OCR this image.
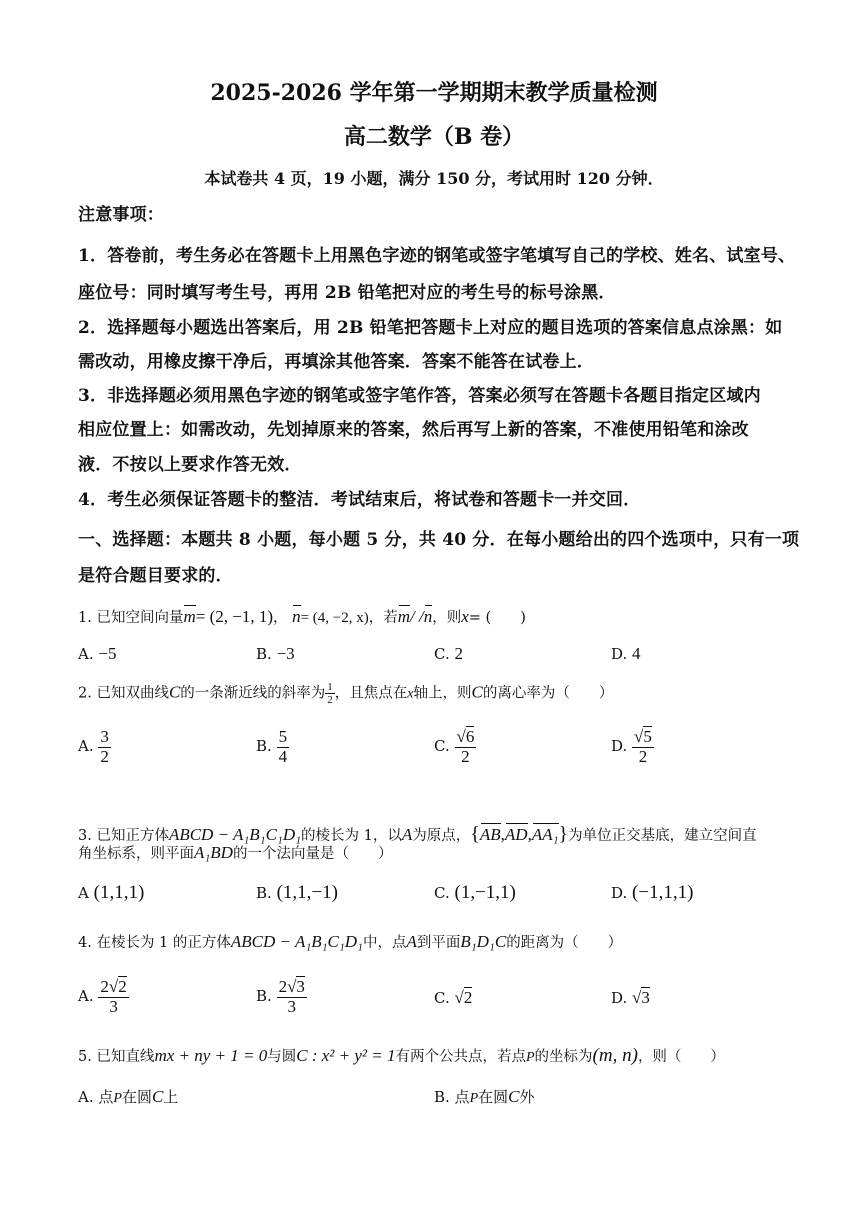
2025-2026 学年第一学期期末教学质量检测
高二数学（B 卷）
本试卷共 4 页，19 小题，满分 150 分，考试用时 120 分钟．
注意事项：
1．答卷前，考生务必在答题卡上用黑色字迹的钢笔或签字笔填写自己的学校、姓名、试室号、
座位号：同时填写考生号，再用 2B 铅笔把对应的考生号的标号涂黑．
2．选择题每小题选出答案后，用 2B 铅笔把答题卡上对应的题目选项的答案信息点涂黑：如
需改动，用橡皮擦干净后，再填涂其他答案．答案不能答在试卷上．
3．非选择题必须用黑色字迹的钢笔或签字笔作答，答案必须写在答题卡各题目指定区域内
相应位置上：如需改动，先划掉原来的答案，然后再写上新的答案，不准使用铅笔和涂改
液．不按以上要求作答无效．
4．考生必须保证答题卡的整洁．考试结束后，将试卷和答题卡一并交回．
一、选择题：本题共 8 小题，每小题 5 分，共 40 分．在每小题给出的四个选项中，只有一项
是符合题目要求的．
1. 已知空间向量m= (2, −1, 1)， n= (4, −2, x)，若m/ /n，则x= (　　)
A. −5	B. −3	C. 2	D. 4
2. 已知双曲线C的一条渐近线的斜率为 $\frac{1}{2}$ ，且焦点在x轴上，则C的离心率为（　　）
A. $\frac{3}{2}$	B. $\frac{5}{4}$	C. $\frac{√6}{2}$	D. $\frac{√5}{2}$
3. 已知正方体ABCD − A₁B₁C₁D₁的棱长为 1，以A为原点，{AB,AD,AA₁}为单位正交基底，建立空间直
角坐标系，则平面A₁BD的一个法向量是（　　）
A (1,1,1)	B. (1,1,−1)	C. (1,−1,1)	D. (−1,1,1)
4. 在棱长为 1 的正方体ABCD − A₁B₁C₁D₁中，点A到平面B₁D₁C的距离为（　　）
A. $\frac{2√2}{3}$	B. $\frac{2√3}{3}$	C. √2	D. √3
5. 已知直线mx + ny + 1 = 0与圆C : x² + y² = 1有两个公共点，若点P的坐标为(m, n)，则（　　）
A. 点P在圆C上	B. 点P在圆C外
